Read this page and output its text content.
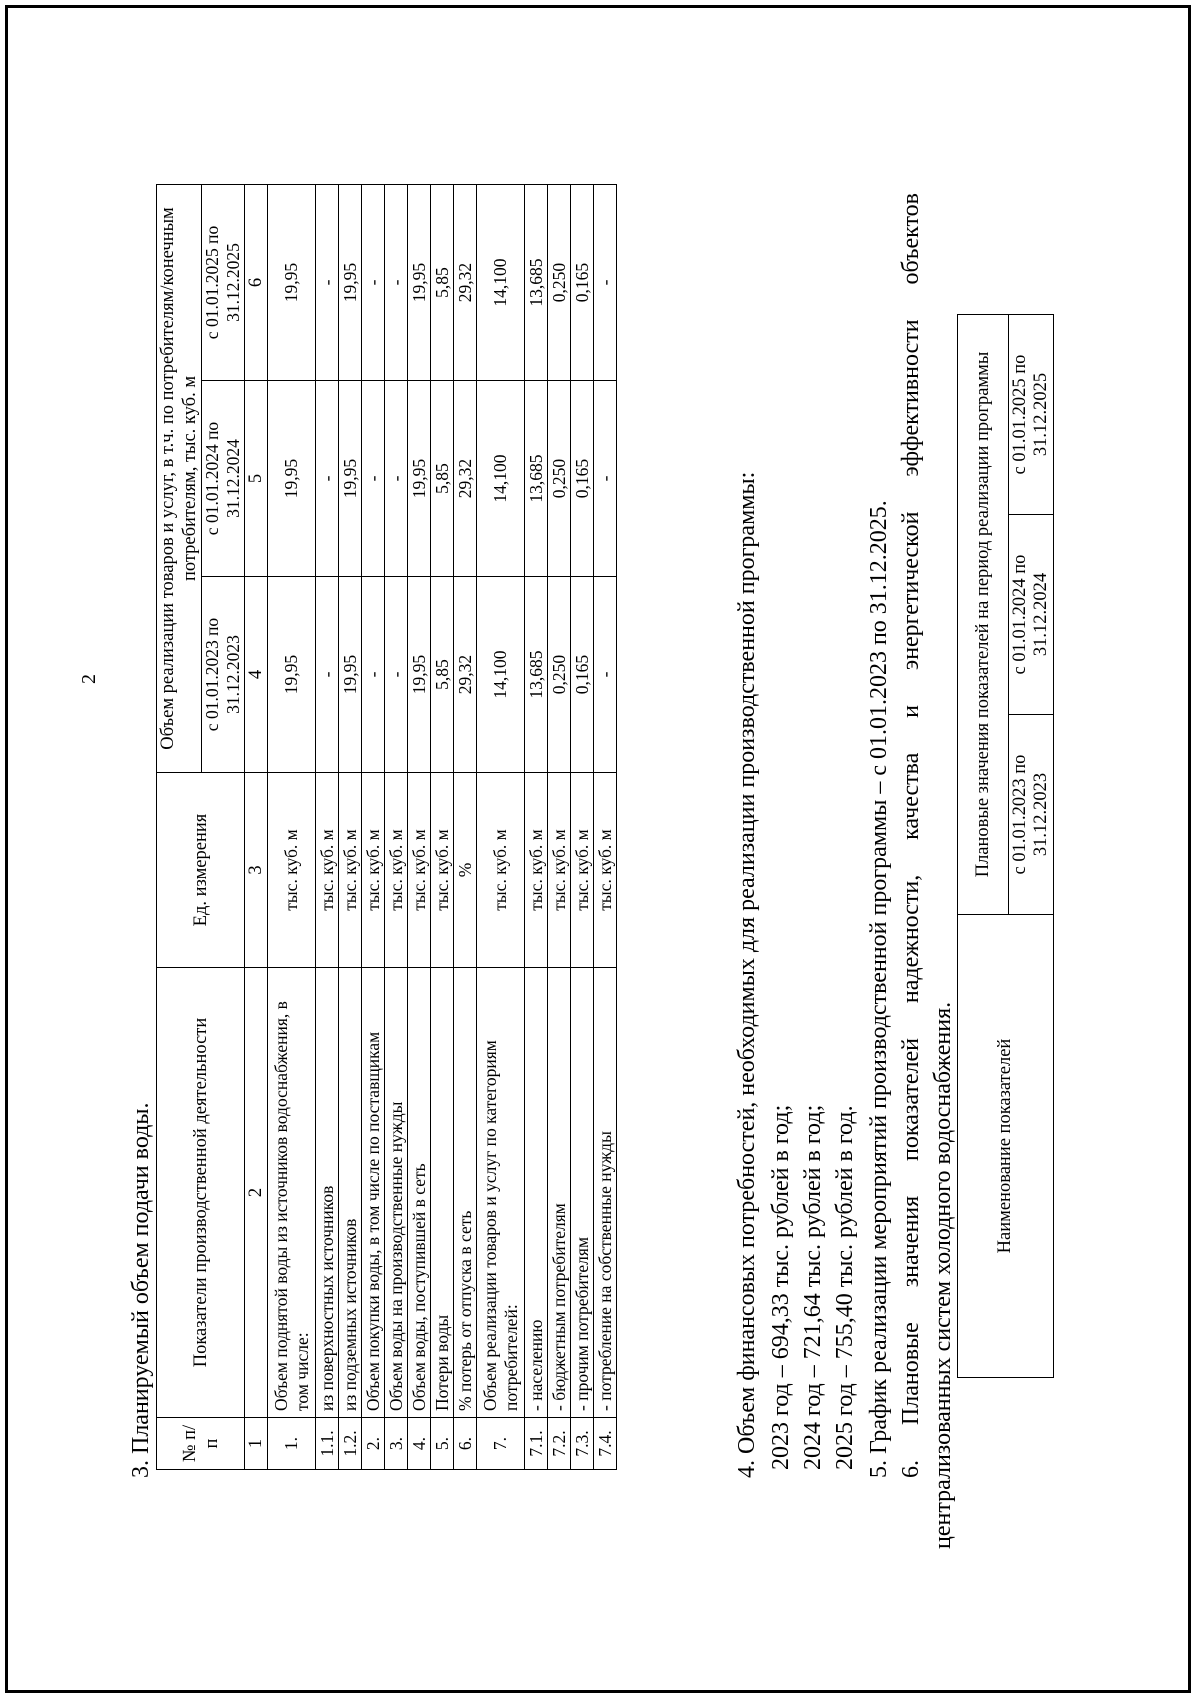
2
3. Планируемый объем подачи воды. № п/п	Показатели производственной деятельности	Ед. измерения	Объем реализации товаров и услуг, в т.ч. по потребителям/конечным потребителям, тыс. куб. м		
			с 01.01.2023 по 31.12.2023	с 01.01.2024 по 31.12.2024	с 01.01.2025 по 31.12.2025
1	2	3	4	5	6
1.	Объем поднятой воды из источников водоснабжения, в том числе:	тыс. куб. м	19,95	19,95	19,95
1.1.	из поверхностных источников	тыс. куб. м	-	-	-
1.2.	из подземных источников	тыс. куб. м	19,95	19,95	19,95
2.	Объем покупки воды, в том числе по поставщикам	тыс. куб. м	-	-	-
3.	Объем воды на производственные нужды	тыс. куб. м	-	-	-
4.	Объем воды, поступившей в сеть	тыс. куб. м	19,95	19,95	19,95
5.	Потери воды	тыс. куб. м	5,85	5,85	5,85
6.	% потерь от отпуска в сеть	%	29,32	29,32	29,32
7.	Объем реализации товаров и услуг по категориям потребителей:	тыс. куб. м	14,100	14,100	14,100
7.1.	- населению	тыс. куб. м	13,685	13,685	13,685
7.2.	- бюджетным потребителям	тыс. куб. м	0,250	0,250	0,250
7.3.	- прочим потребителям	тыс. куб. м	0,165	0,165	0,165
7.4.	- потребление на собственные нужды	тыс. куб. м	-	-	-
4. Объем финансовых потребностей, необходимых для реализации производственной программы: 2023 год – 694,33 тыс. рублей в год; 2024 год – 721,64 тыс. рублей в год; 2025 год – 755,40 тыс. рублей в год. 5. График реализации мероприятий производственной программы – с 01.01.2023 по 31.12.2025. 6.
Плановые
значения
показателей
надежности,
качества
и
энергетической
эффективности
объектов
централизованных систем холодного водоснабжения. Наименование показателей	Плановые значения показателей на период реализации программы		
	с 01.01.2023 по 31.12.2023	с 01.01.2024 по 31.12.2024	с 01.01.2025 по 31.12.2025
